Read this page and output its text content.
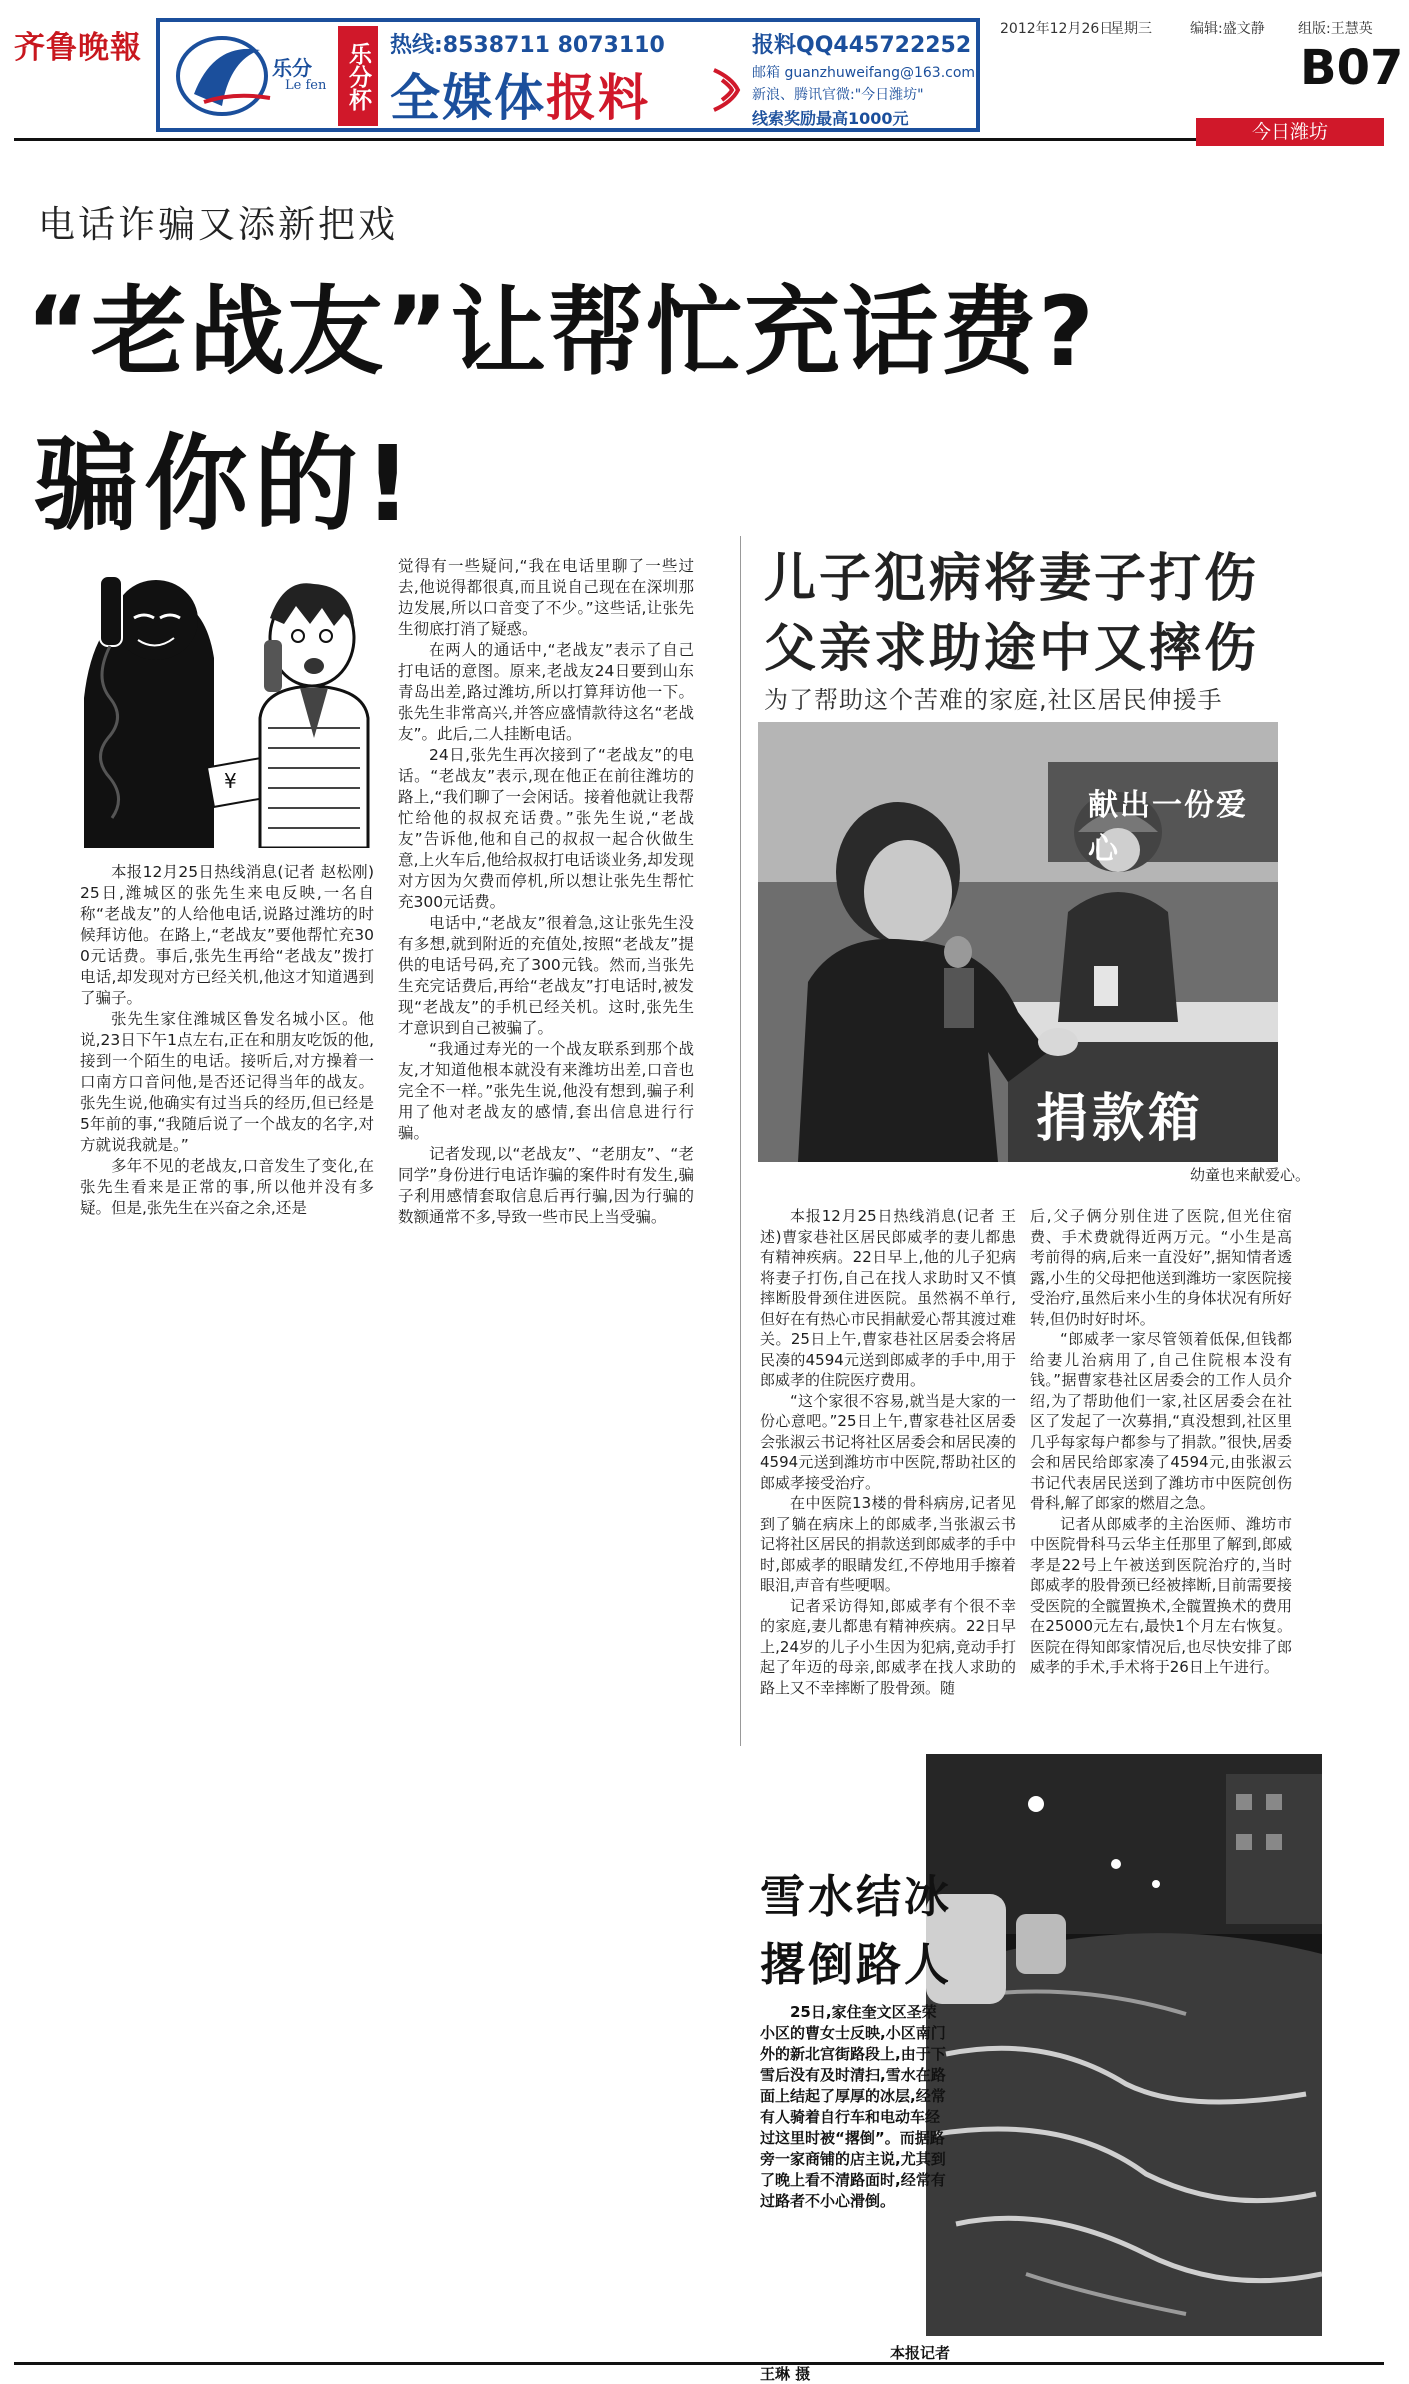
齐鲁晚報
乐分
Le fen 乐分杯 热线:8538711 8073110
全媒体报料
报料QQ445722252
邮箱 guanzhuweifang@163.com
新浪、腾讯官微:"今日潍坊"
线索奖励最高1000元
2012年12月26日
星期三	编辑:盛文静 组版:王慧英
B07
今日潍坊
电话诈骗又添新把戏
“老战友”让帮忙充话费?
骗你的!
¥

本报12月25日热线消息(记者 赵松刚)25日,潍城区的张先生来电反映,一名自称“老战友”的人给他电话,说路过潍坊的时候拜访他。在路上,“老战友”要他帮忙充300元话费。事后,张先生再给“老战友”拨打电话,却发现对方已经关机,他这才知道遇到了骗子。

张先生家住潍城区鲁发名城小区。他说,23日下午1点左右,正在和朋友吃饭的他,接到一个陌生的电话。接听后,对方操着一口南方口音问他,是否还记得当年的战友。张先生说,他确实有过当兵的经历,但已经是5年前的事,“我随后说了一个战友的名字,对方就说我就是。”

多年不见的老战友,口音发生了变化,在张先生看来是正常的事,所以他并没有多疑。但是,张先生在兴奋之余,还是

觉得有一些疑问,“我在电话里聊了一些过去,他说得都很真,而且说自己现在在深圳那边发展,所以口音变了不少。”这些话,让张先生彻底打消了疑惑。

在两人的通话中,“老战友”表示了自己打电话的意图。原来,老战友24日要到山东青岛出差,路过潍坊,所以打算拜访他一下。张先生非常高兴,并答应盛情款待这名“老战友”。此后,二人挂断电话。

24日,张先生再次接到了“老战友”的电话。“老战友”表示,现在他正在前往潍坊的路上,“我们聊了一会闲话。接着他就让我帮忙给他的叔叔充话费。”张先生说,“老战友”告诉他,他和自己的叔叔一起合伙做生意,上火车后,他给叔叔打电话谈业务,却发现对方因为欠费而停机,所以想让张先生帮忙充300元话费。

电话中,“老战友”很着急,这让张先生没有多想,就到附近的充值处,按照“老战友”提供的电话号码,充了300元钱。然而,当张先生充完话费后,再给“老战友”打电话时,被发现“老战友”的手机已经关机。这时,张先生才意识到自己被骗了。

“我通过寿光的一个战友联系到那个战友,才知道他根本就没有来潍坊出差,口音也完全不一样。”张先生说,他没有想到,骗子利用了他对老战友的感情,套出信息进行行骗。

记者发现,以“老战友”、“老朋友”、“老同学”身份进行电话诈骗的案件时有发生,骗子利用感情套取信息后再行骗,因为行骗的数额通常不多,导致一些市民上当受骗。

儿子犯病将妻子打伤
父亲求助途中又摔伤
为了帮助这个苦难的家庭,社区居民伸援手
献出一份爱心
捐款箱
幼童也来献爱心。

本报12月25日热线消息(记者 王述)曹家巷社区居民郎威孝的妻儿都患有精神疾病。22日早上,他的儿子犯病将妻子打伤,自己在找人求助时又不慎摔断股骨颈住进医院。虽然祸不单行,但好在有热心市民捐献爱心帮其渡过难关。25日上午,曹家巷社区居委会将居民凑的4594元送到郎威孝的手中,用于郎威孝的住院医疗费用。

“这个家很不容易,就当是大家的一份心意吧。”25日上午,曹家巷社区居委会张淑云书记将社区居委会和居民凑的4594元送到潍坊市中医院,帮助社区的郎威孝接受治疗。

在中医院13楼的骨科病房,记者见到了躺在病床上的郎威孝,当张淑云书记将社区居民的捐款送到郎威孝的手中时,郎威孝的眼睛发红,不停地用手擦着眼泪,声音有些哽咽。

记者采访得知,郎威孝有个很不幸的家庭,妻儿都患有精神疾病。22日早上,24岁的儿子小生因为犯病,竟动手打起了年迈的母亲,郎威孝在找人求助的路上又不幸摔断了股骨颈。随

后,父子俩分别住进了医院,但光住宿费、手术费就得近两万元。“小生是高考前得的病,后来一直没好”,据知情者透露,小生的父母把他送到潍坊一家医院接受治疗,虽然后来小生的身体状况有所好转,但仍时好时坏。

“郎威孝一家尽管领着低保,但钱都给妻儿治病用了,自己住院根本没有钱。”据曹家巷社区居委会的工作人员介绍,为了帮助他们一家,社区居委会在社区了发起了一次募捐,“真没想到,社区里几乎每家每户都参与了捐款。”很快,居委会和居民给郎家凑了4594元,由张淑云书记代表居民送到了潍坊市中医院创伤骨科,解了郎家的燃眉之急。

记者从郎威孝的主治医师、潍坊市中医院骨科马云华主任那里了解到,郎威孝是22号上午被送到医院治疗的,当时郎威孝的股骨颈已经被摔断,目前需要接受医院的全髋置换术,全髋置换术的费用在25000元左右,最快1个月左右恢复。医院在得知郎家情况后,也尽快安排了郎威孝的手术,手术将于26日上午进行。

雪水结冰
撂倒路人

25日,家住奎文区圣荣小区的曹女士反映,小区南门外的新北宫街路段上,由于下雪后没有及时清扫,雪水在路面上结起了厚厚的冰层,经常有人骑着自行车和电动车经过这里时被“撂倒”。而据路旁一家商铺的店主说,尤其到了晚上看不清路面时,经常有过路者不小心滑倒。

本报记者
王琳 摄
